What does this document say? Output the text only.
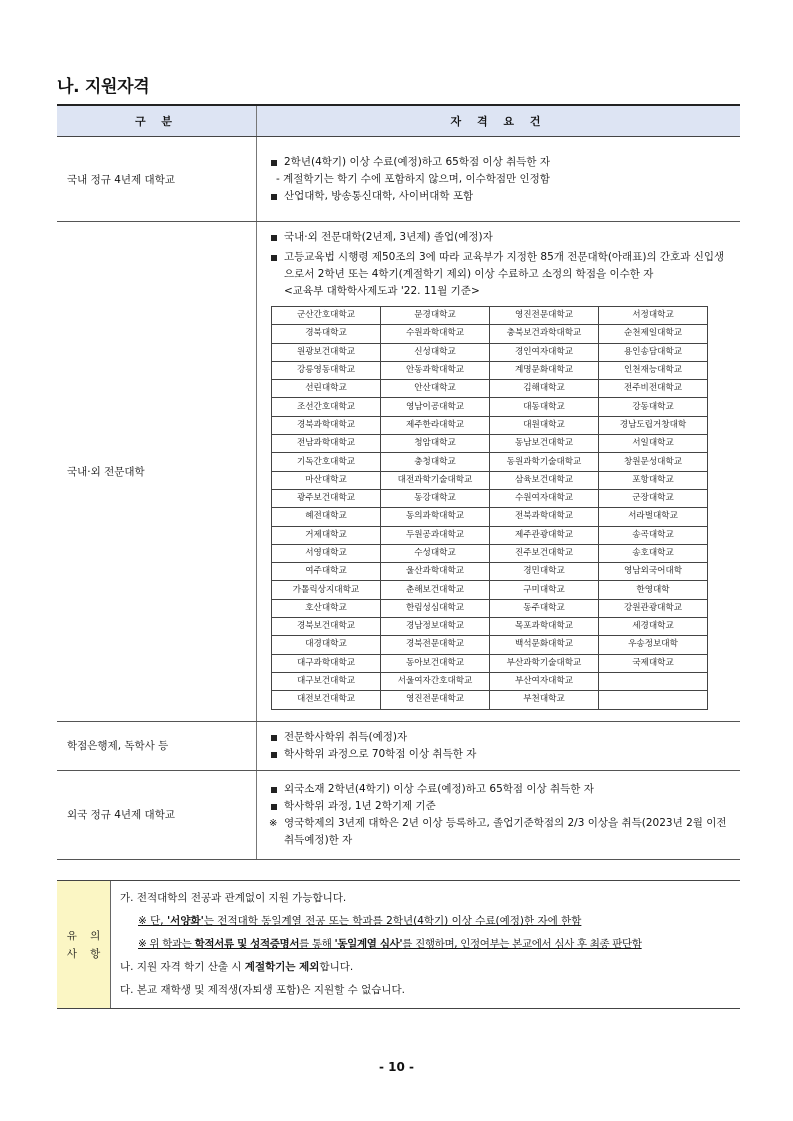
나. 지원자격
구 분	자 격 요 건
국내 정규 4년제 대학교	
2학년(4학기) 이상 수료(예정)하고 65학점 이상 취득한 자
- 계절학기는 학기 수에 포함하지 않으며, 이수학점만 인정함
산업대학, 방송통신대학, 사이버대학 포함

국내·외 전문대학	
국내·외 전문대학(2년제, 3년제) 졸업(예정)자
고등교육법 시행령 제50조의 3에 따라 교육부가 지정한 85개 전문대학(아래표)의 간호과 신입생으로서 2학년 또는 4학기(계절학기 제외) 이상 수료하고 소정의 학점을 이수한 자
<교육부 대학학사제도과 '22. 11월 기준>
군산간호대학교	문경대학교	영진전문대학교	서정대학교
경북대학교	수원과학대학교	충북보건과학대학교	순천제일대학교
원광보건대학교	신성대학교	경인여자대학교	용인송담대학교
강릉영동대학교	안동과학대학교	계명문화대학교	인천재능대학교
선린대학교	안산대학교	김해대학교	전주비전대학교
조선간호대학교	영남이공대학교	대동대학교	강동대학교
경북과학대학교	제주한라대학교	대원대학교	경남도립거창대학
전남과학대학교	청암대학교	동남보건대학교	서일대학교
기독간호대학교	충청대학교	동원과학기술대학교	창원문성대학교
마산대학교	대전과학기술대학교	삼육보건대학교	포항대학교
광주보건대학교	동강대학교	수원여자대학교	군장대학교
혜전대학교	동의과학대학교	전북과학대학교	서라벌대학교
거제대학교	두원공과대학교	제주관광대학교	송곡대학교
서영대학교	수성대학교	진주보건대학교	송호대학교
여주대학교	울산과학대학교	경민대학교	영남외국어대학
가톨릭상지대학교	춘해보건대학교	구미대학교	한영대학
호산대학교	한림성심대학교	동주대학교	강원관광대학교
경북보건대학교	경남정보대학교	목포과학대학교	세경대학교
대경대학교	경북전문대학교	백석문화대학교	우송정보대학
대구과학대학교	동아보건대학교	부산과학기술대학교	국제대학교
대구보건대학교	서울여자간호대학교	부산여자대학교	
대전보건대학교	영진전문대학교	부천대학교	

학점은행제, 독학사 등	
전문학사학위 취득(예정)자
학사학위 과정으로 70학점 이상 취득한 자

외국 정규 4년제 대학교	
외국소재 2학년(4학기) 이상 수료(예정)하고 65학점 이상 취득한 자
학사학위 과정, 1년 2학기제 기준
※ 영국학제의 3년제 대학은 2년 이상 등록하고, 졸업기준학점의 2/3 이상을 취득(2023년 2월 이전 취득예정)한 자
유 의 사 항
가. 전적대학의 전공과 관계없이 지원 가능합니다.
※ 단, '서양화'는 전적대학 동일계열 전공 또는 학과를 2학년(4학기) 이상 수료(예정)한 자에 한함
※ 위 학과는 학적서류 및 성적증명서를 통해 '동일계열 심사'를 진행하며, 인정여부는 본교에서 심사 후 최종 판단함
나. 지원 자격 학기 산출 시 계절학기는 제외합니다.
다. 본교 재학생 및 제적생(자퇴생 포함)은 지원할 수 없습니다.
- 10 -
